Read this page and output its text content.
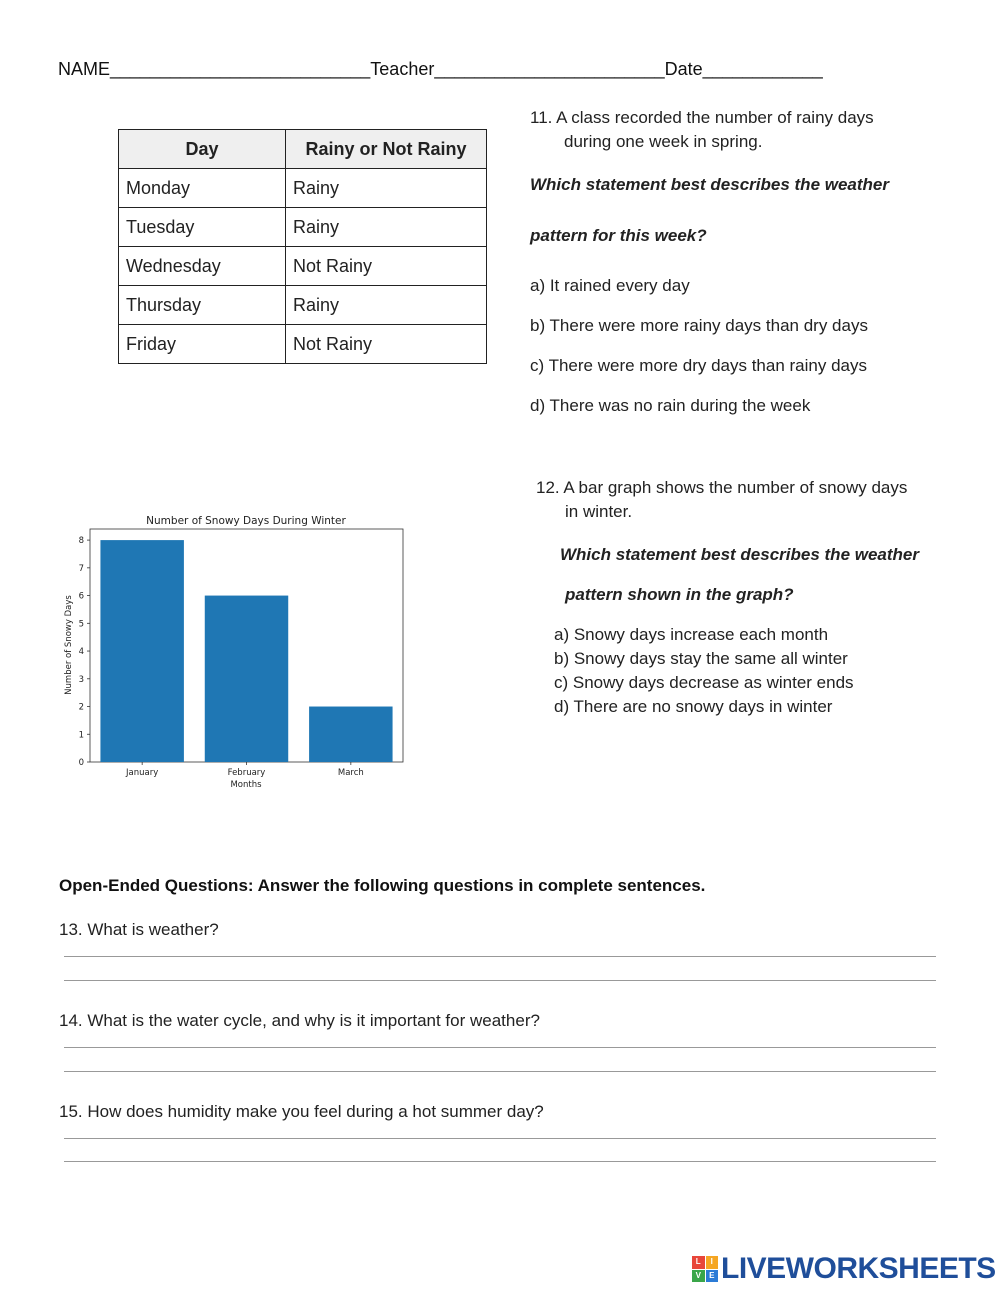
NAME__________________________Teacher_______________________Date____________
Day	Rainy or Not Rainy
Monday	Rainy
Tuesday	Rainy
Wednesday	Not Rainy
Thursday	Rainy
Friday	Not Rainy
11. A class recorded the number of rainy days
during one week in spring.
Which statement best describes the weather
pattern for this week?
a) It rained every day
b) There were more rainy days than dry days
c) There were more dry days than rainy days
d) There was no rain during the week
Number of Snowy Days During Winter
0
1
2
3
4
5
6
7
8
January	February	March
Months
Number of Snowy Days
12. A bar graph shows the number of snowy days
in winter.
Which statement best describes the weather
pattern shown in the graph?
a) Snowy days increase each month
b) Snowy days stay the same all winter
c) Snowy days decrease as winter ends
d) There are no snowy days in winter
Open-Ended Questions: Answer the following questions in complete sentences.
13. What is weather?
14. What is the water cycle, and why is it important for weather?
15. How does humidity make you feel during a hot summer day?
L	I
V	E LIVEWORKSHEETS
